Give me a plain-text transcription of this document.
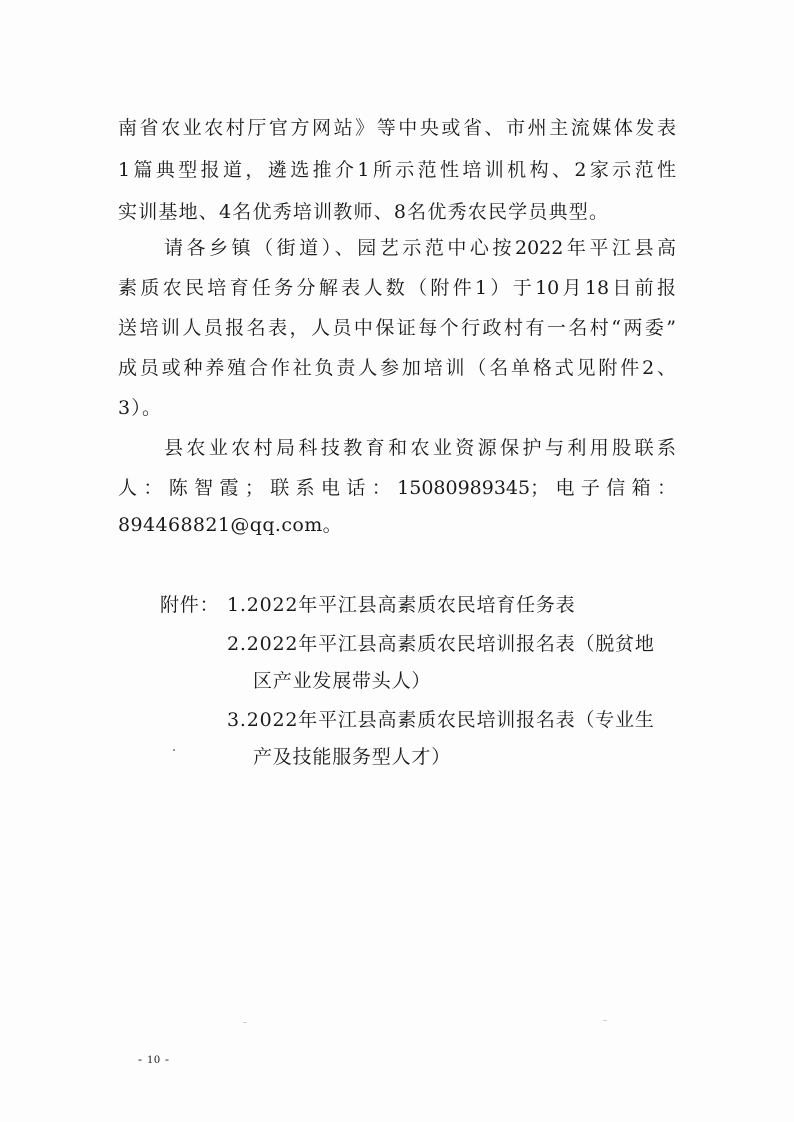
南省农业农村厅官方网站》等中央或省、市州主流媒体发表
1篇典型报道，遴选推介1所示范性培训机构、2家示范性
实训基地、4名优秀培训教师、8名优秀农民学员典型。
请各乡镇（街道）、园艺示范中心按2022年平江县高
素质农民培育任务分解表人数（附件1）于10月18日前报
送培训人员报名表，人员中保证每个行政村有一名村“两委”
成员或种养殖合作社负责人参加培训（名单格式见附件2、
3）。
县农业农村局科技教育和农业资源保护与利用股联系
人：陈智霞；联系电话：15080989345；电子信箱：
894468821@qq.com。
附件： 1.2022年平江县高素质农民培育任务表
2.2022年平江县高素质农民培训报名表（脱贫地
区产业发展带头人）
3.2022年平江县高素质农民培训报名表（专业生
产及技能服务型人才）
- 10 -
